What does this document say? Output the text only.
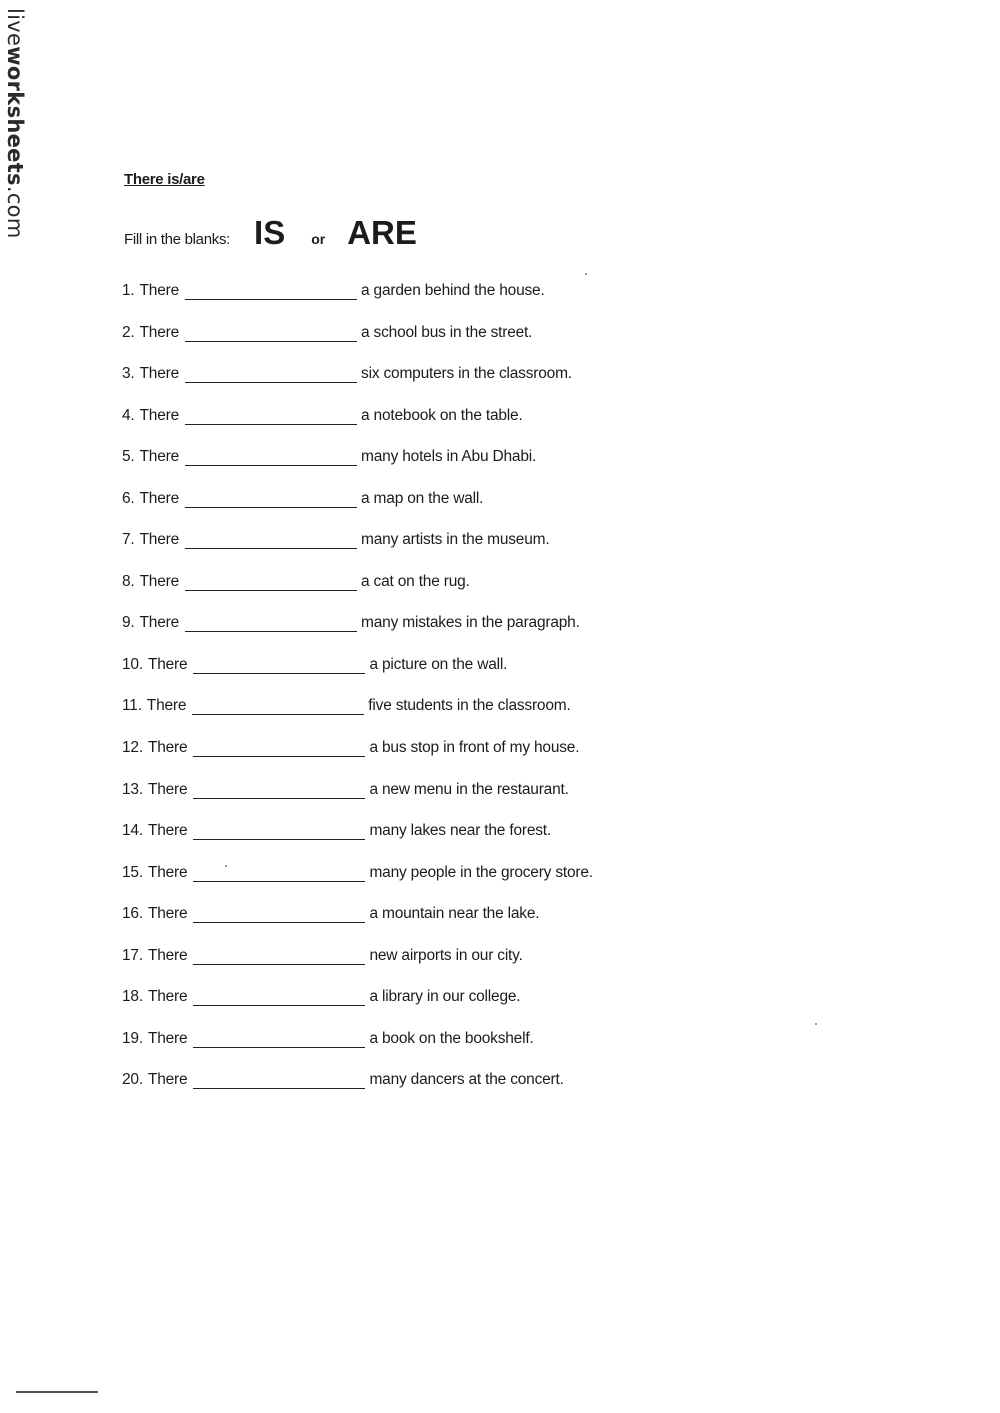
liveworksheets.com
There is/are
Fill in the blanks: IS or ARE
1. There	a garden behind the house.
2. There	a school bus in the street.
3. There	six computers in the classroom.
4. There	a notebook on the table.
5. There	many hotels in Abu Dhabi.
6. There	a map on the wall.
7. There	many artists in the museum.
8. There	a cat on the rug.
9. There	many mistakes in the paragraph.
10. There	a picture on the wall.
11. There	five students in the classroom.
12. There	a bus stop in front of my house.
13. There	a new menu in the restaurant.
14. There	many lakes near the forest.
15. There	many people in the grocery store.
16. There	a mountain near the lake.
17. There	new airports in our city.
18. There	a library in our college.
19. There	a book on the bookshelf.
20. There	many dancers at the concert.
